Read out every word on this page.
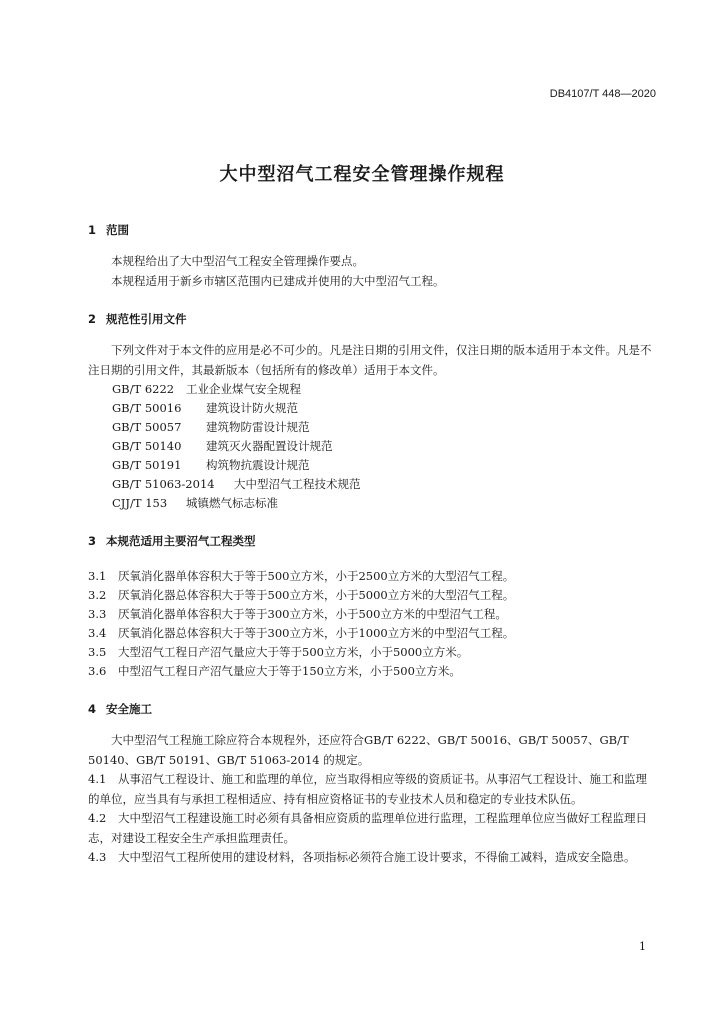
DB4107/T 448—2020
大中型沼气工程安全管理操作规程

1 范围

本规程给出了大中型沼气工程安全管理操作要点。

本规程适用于新乡市辖区范围内已建成并使用的大中型沼气工程。

2 规范性引用文件

下列文件对于本文件的应用是必不可少的。凡是注日期的引用文件，仅注日期的版本适用于本文件。凡是不注日期的引用文件，其最新版本（包括所有的修改单）适用于本文件。

GB/T 6222 工业企业煤气安全规程

GB/T 50016 建筑设计防火规范

GB/T 50057 建筑物防雷设计规范

GB/T 50140 建筑灭火器配置设计规范

GB/T 50191 构筑物抗震设计规范

GB/T 51063-2014 大中型沼气工程技术规范

CJJ/T 153 城镇燃气标志标准

3 本规范适用主要沼气工程类型

3.1 厌氧消化器单体容积大于等于500立方米，小于2500立方米的大型沼气工程。

3.2 厌氧消化器总体容积大于等于500立方米，小于5000立方米的大型沼气工程。

3.3 厌氧消化器单体容积大于等于300立方米，小于500立方米的中型沼气工程。

3.4 厌氧消化器总体容积大于等于300立方米，小于1000立方米的中型沼气工程。

3.5 大型沼气工程日产沼气量应大于等于500立方米，小于5000立方米。

3.6 中型沼气工程日产沼气量应大于等于150立方米，小于500立方米。

4 安全施工

大中型沼气工程施工除应符合本规程外，还应符合GB/T 6222、GB/T 50016、GB/T 50057、GB/T 50140、GB/T 50191、GB/T 51063-2014 的规定。

4.1 从事沼气工程设计、施工和监理的单位，应当取得相应等级的资质证书。从事沼气工程设计、施工和监理的单位，应当具有与承担工程相适应、持有相应资格证书的专业技术人员和稳定的专业技术队伍。

4.2 大中型沼气工程建设施工时必须有具备相应资质的监理单位进行监理，工程监理单位应当做好工程监理日志，对建设工程安全生产承担监理责任。

4.3 大中型沼气工程所使用的建设材料，各项指标必须符合施工设计要求，不得偷工减料，造成安全隐患。

1
